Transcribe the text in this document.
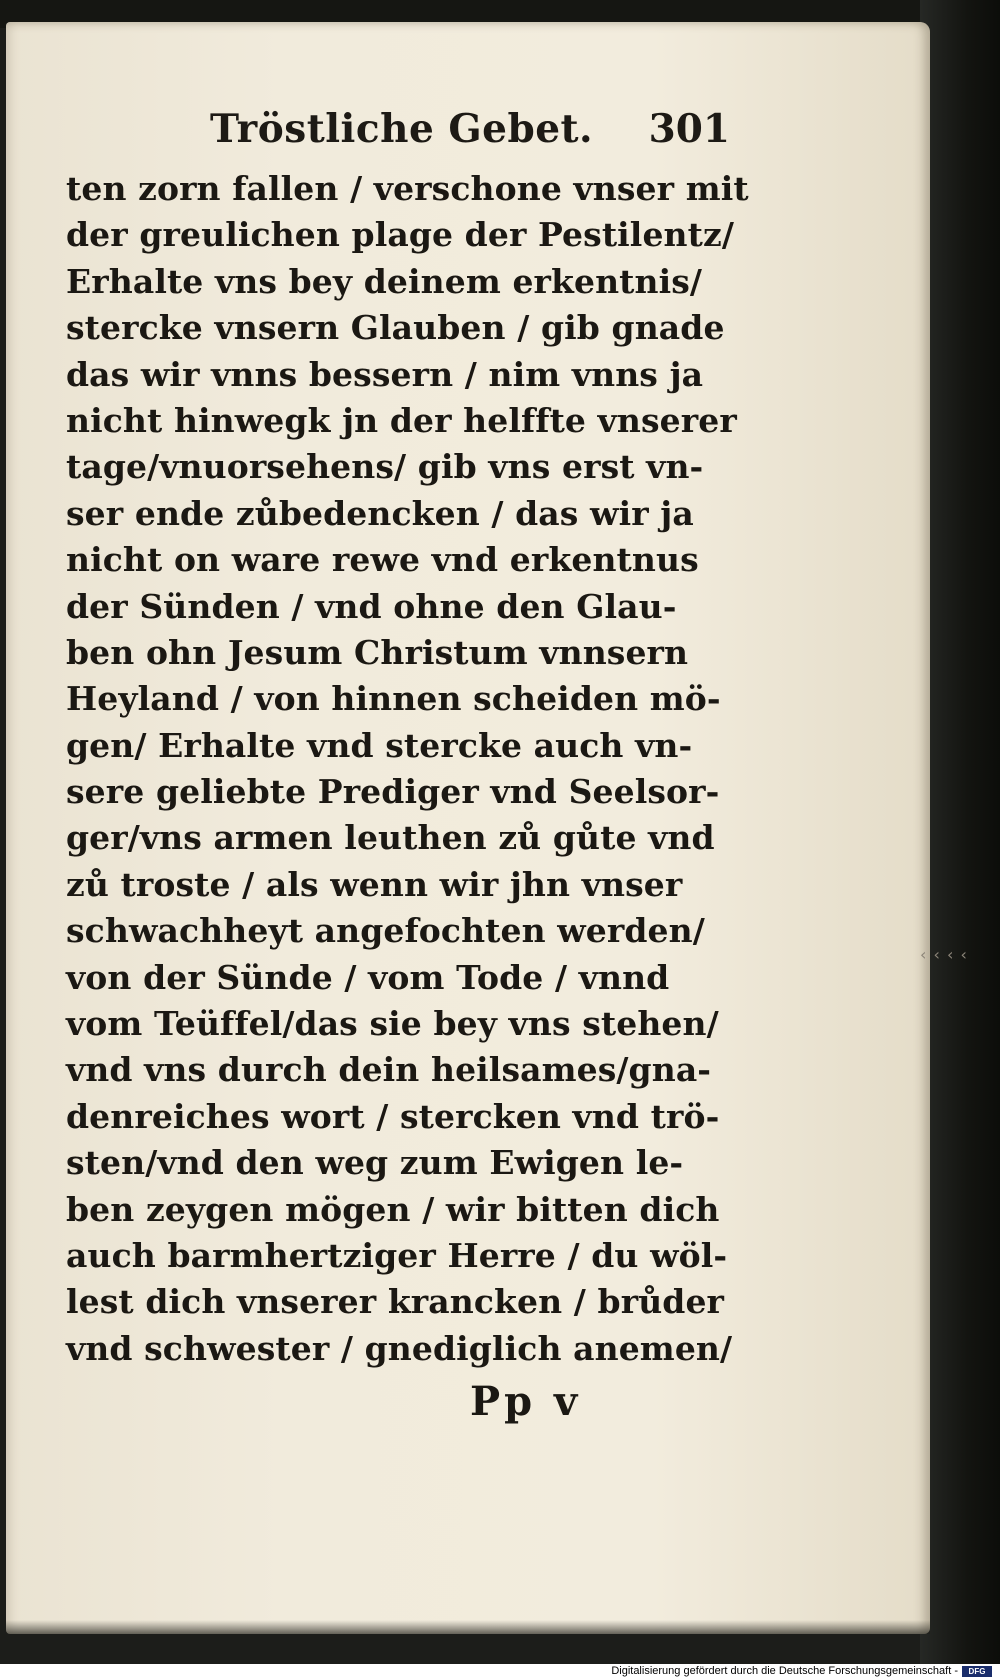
‹ ‹ ‹ ‹
Tröstliche Gebet. 301
ten zorn fallen / verschone vnser mit
der greulichen plage der Pestilentz/
Erhalte vns bey deinem erkentnis/
stercke vnsern Glauben / gib gnade
das wir vnns bessern / nim vnns ja
nicht hinwegk jn der helffte vnserer
tage/vnuorsehens/ gib vns erst vn-
ser ende zůbedencken / das wir ja
nicht on ware rewe vnd erkentnus
der Sünden / vnd ohne den Glau-
ben ohn Jesum Christum vnnsern
Heyland / von hinnen scheiden mö-
gen/ Erhalte vnd stercke auch vn-
sere geliebte Prediger vnd Seelsor-
ger/vns armen leuthen zů gůte vnd
zů troste / als wenn wir jhn vnser
schwachheyt angefochten werden/
von der Sünde / vom Tode / vnnd
vom Teüffel/das sie bey vns stehen/
vnd vns durch dein heilsames/gna-
denreiches wort / stercken vnd trö-
sten/vnd den weg zum Ewigen le-
ben zeygen mögen / wir bitten dich
auch barmhertziger Herre / du wöl-
lest dich vnserer krancken / brůder
vnd schwester / gnediglich anemen/
Pp v
Digitalisierung gefördert durch die Deutsche Forschungsgemeinschaft -	DFG
